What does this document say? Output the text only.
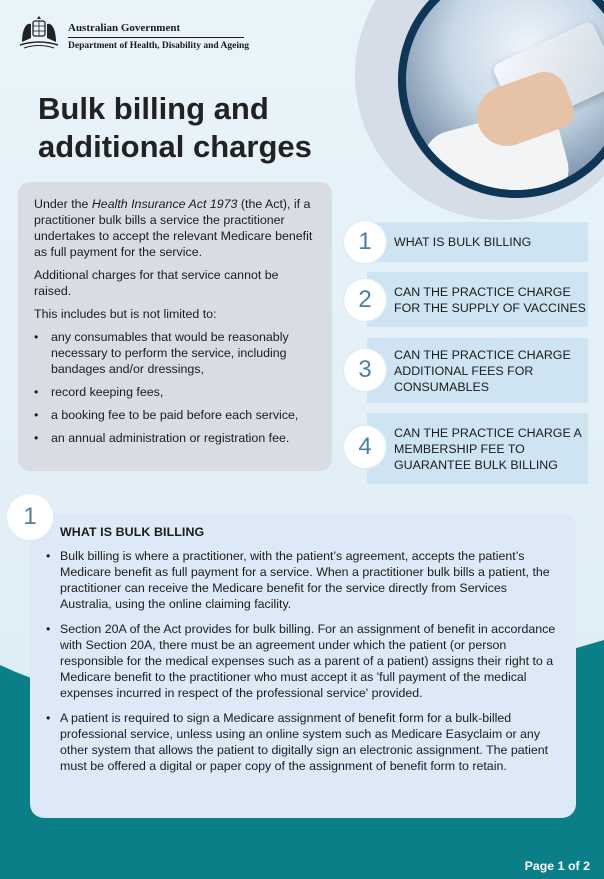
Australian Government
Department of Health, Disability and Ageing
Bulk billing and
additional charges

Under the Health Insurance Act 1973 (the Act), if a practitioner bulk bills a service the practitioner undertakes to accept the relevant Medicare benefit as full payment for the service.

Additional charges for that service cannot be raised.

This includes but is not limited to:

• any consumables that would be reasonably necessary to perform the service, including bandages and/or dressings,
• record keeping fees,
• a booking fee to be paid before each service,
• an annual administration or registration fee.
WHAT IS BULK BILLING
1
CAN THE PRACTICE CHARGE FOR THE SUPPLY OF VACCINES
2
CAN THE PRACTICE CHARGE ADDITIONAL FEES FOR CONSUMABLES
3
CAN THE PRACTICE CHARGE A MEMBERSHIP FEE TO GUARANTEE BULK BILLING
4
WHAT IS BULK BILLING
• Bulk billing is where a practitioner, with the patient’s agreement, accepts the patient’s Medicare benefit as full payment for a service. When a practitioner bulk bills a patient, the practitioner can receive the Medicare benefit for the service directly from Services Australia, using the online claiming facility.
• Section 20A of the Act provides for bulk billing. For an assignment of benefit in accordance with Section 20A, there must be an agreement under which the patient (or person responsible for the medical expenses such as a parent of a patient) assigns their right to a Medicare benefit to the practitioner who must accept it as 'full payment of the medical expenses incurred in respect of the professional service' provided.
• A patient is required to sign a Medicare assignment of benefit form for a bulk-billed professional service, unless using an online system such as Medicare Easyclaim or any other system that allows the patient to digitally sign an electronic assignment. The patient must be offered a digital or paper copy of the assignment of benefit form to retain.
1
Page 1 of 2
